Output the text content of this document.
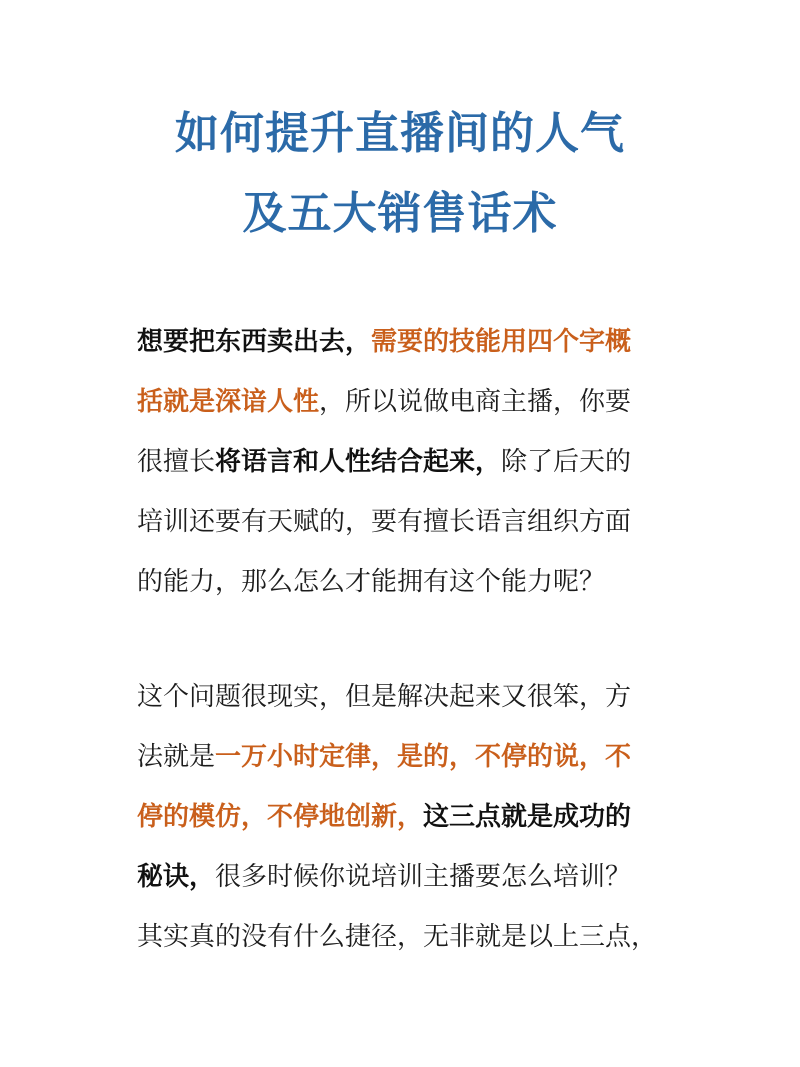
如何提升直播间的人气
及五大销售话术
想要把东西卖出去，需要的技能用四个字概
括就是深谙人性，所以说做电商主播，你要
很擅长将语言和人性结合起来，除了后天的
培训还要有天赋的，要有擅长语言组织方面
的能力，那么怎么才能拥有这个能力呢？
这个问题很现实，但是解决起来又很笨，方
法就是一万小时定律，是的，不停的说，不
停的模仿，不停地创新，这三点就是成功的
秘诀，很多时候你说培训主播要怎么培训？
其实真的没有什么捷径，无非就是以上三点，
